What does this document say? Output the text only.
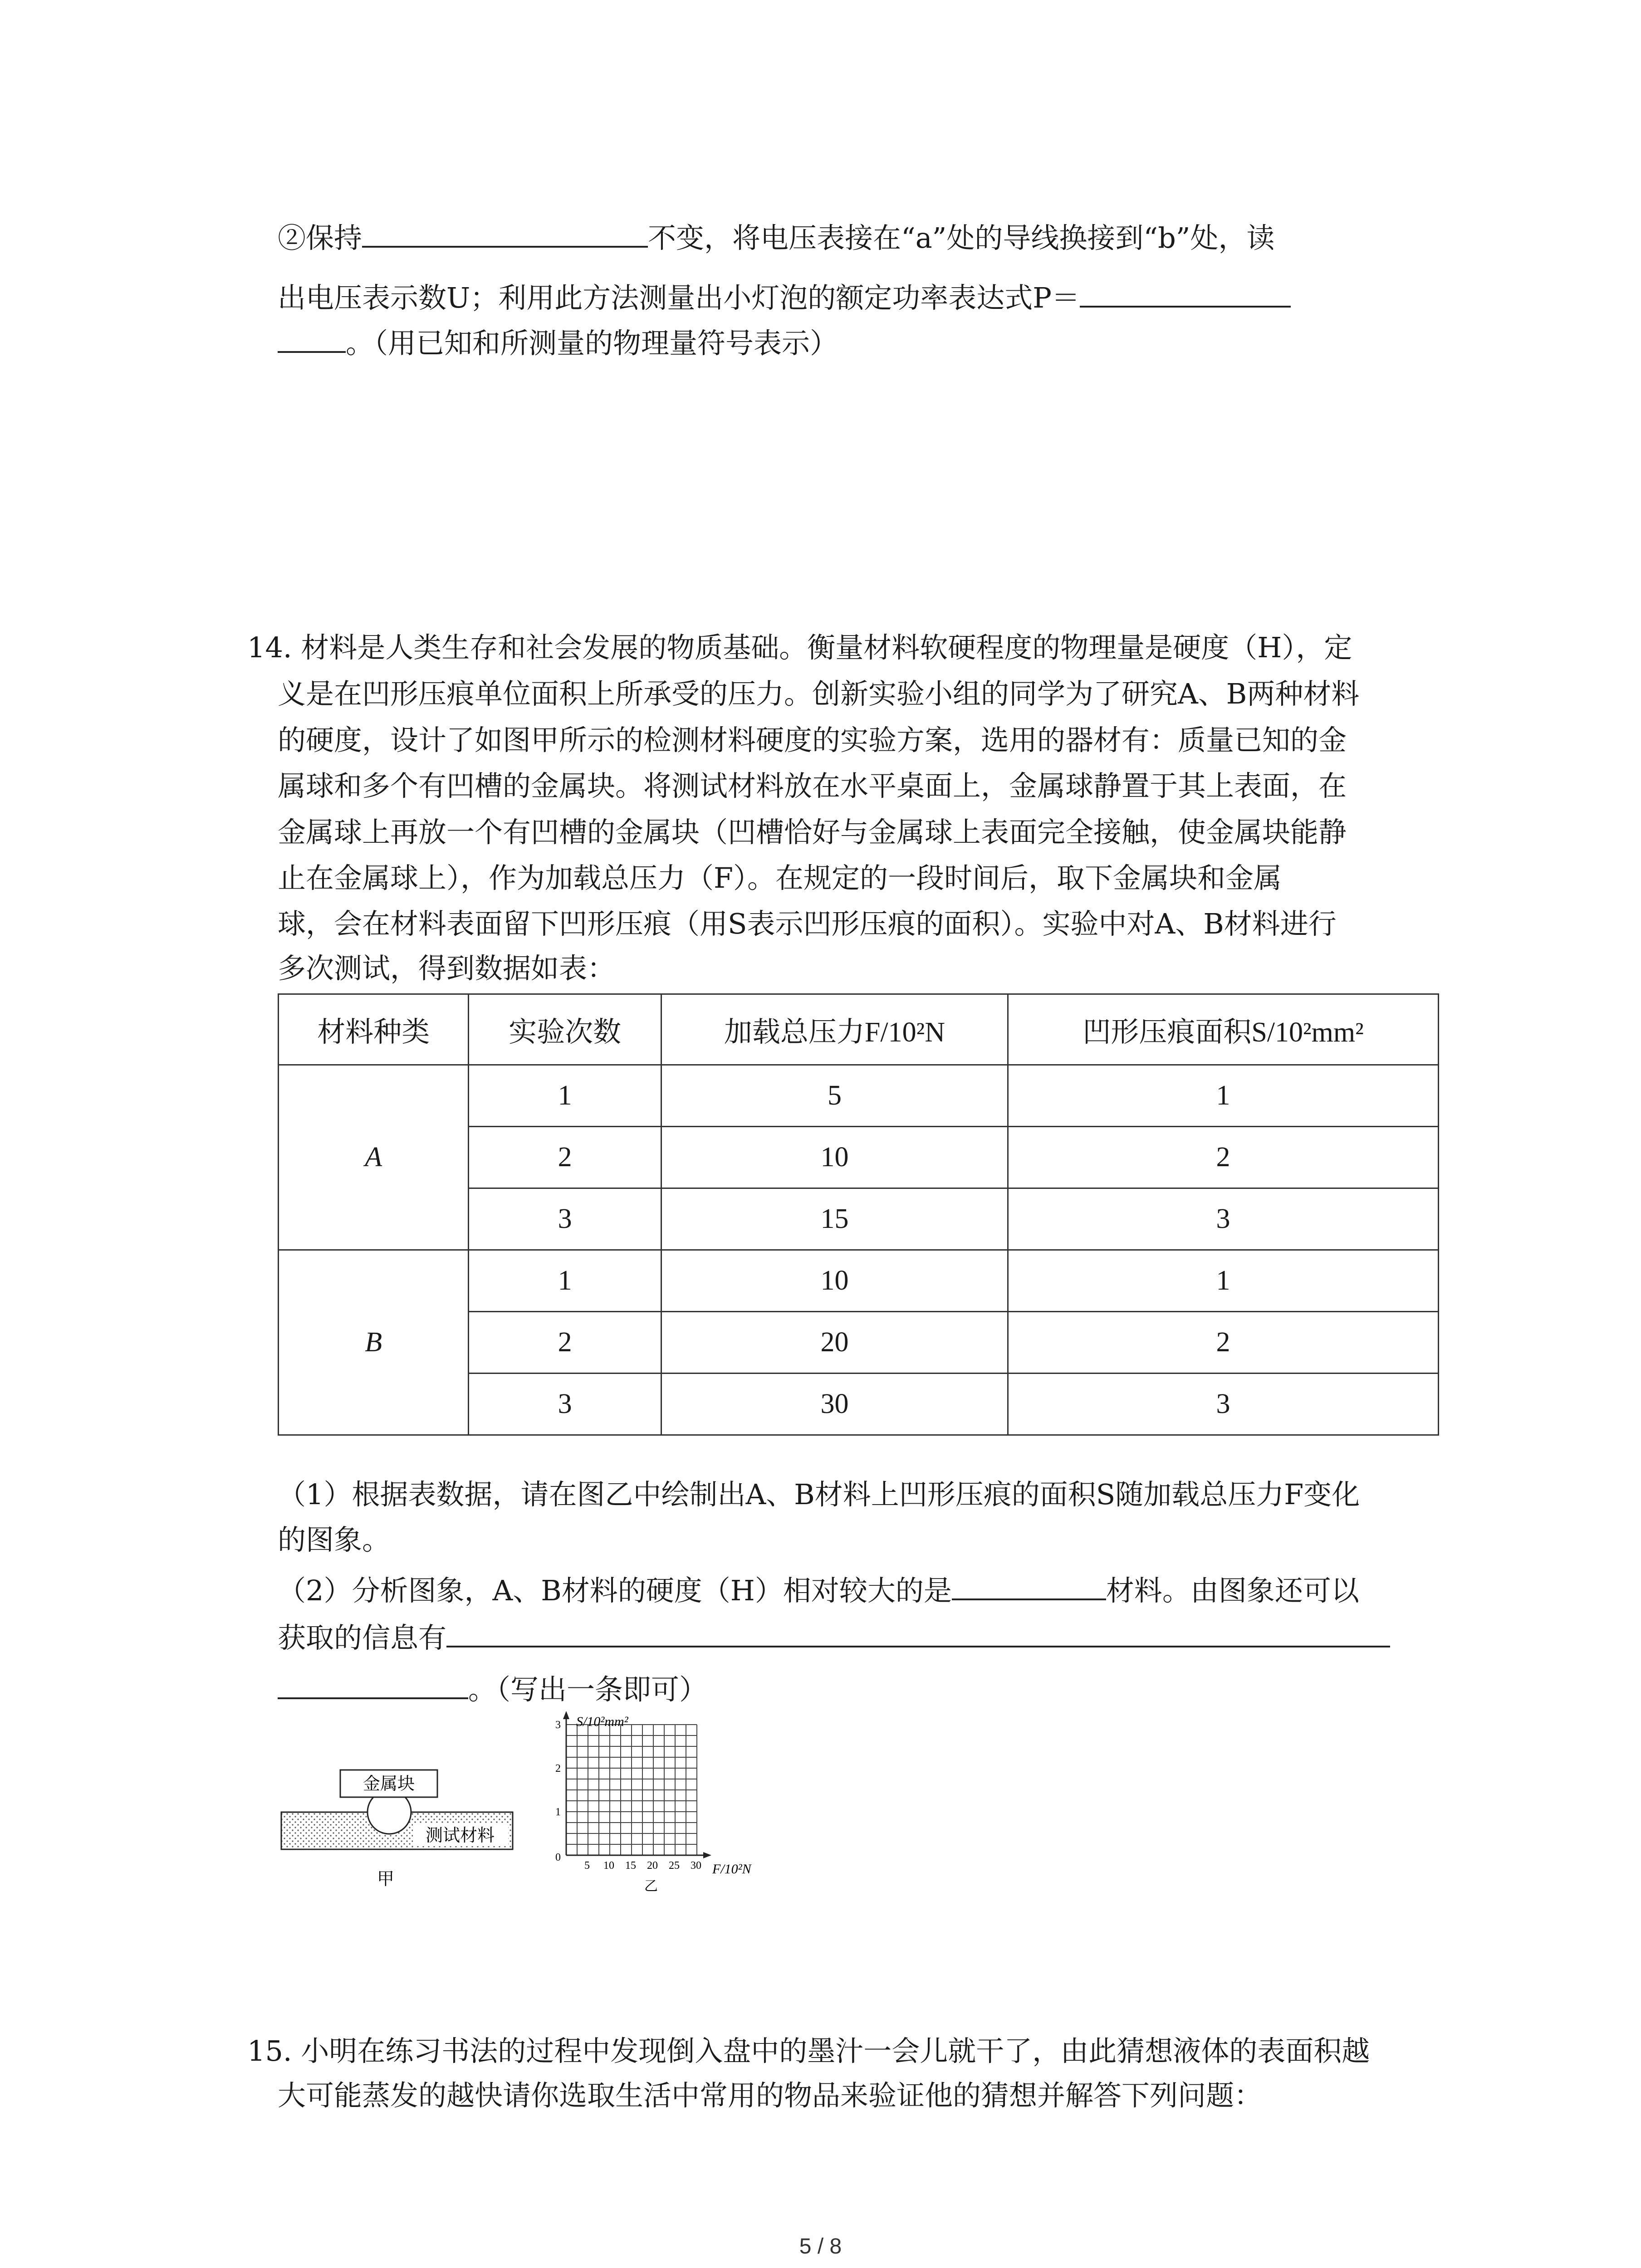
②保持	不变，将电压表接在“a”处的导线换接到“b”处，读
出电压表示数U；利用此方法测量出小灯泡的额定功率表达式P＝
。（用已知和所测量的物理量符号表示）
14. 材料是人类生存和社会发展的物质基础。衡量材料软硬程度的物理量是硬度（H），定
义是在凹形压痕单位面积上所承受的压力。创新实验小组的同学为了研究A、B两种材料
的硬度，设计了如图甲所示的检测材料硬度的实验方案，选用的器材有：质量已知的金
属球和多个有凹槽的金属块。将测试材料放在水平桌面上，金属球静置于其上表面，在
金属球上再放一个有凹槽的金属块（凹槽恰好与金属球上表面完全接触，使金属块能静
止在金属球上），作为加载总压力（F）。在规定的一段时间后，取下金属块和金属
球，会在材料表面留下凹形压痕（用S表示凹形压痕的面积）。实验中对A、B材料进行
多次测试，得到数据如表：
材料种类	实验次数	加载总压力F/10²N	凹形压痕面积S/10²mm²
A	1	5	1
	2	10	2
	3	15	3
B	1	10	1
	2	20	2
	3	30	3
（1）根据表数据，请在图乙中绘制出A、B材料上凹形压痕的面积S随加载总压力F变化
的图象。
（2）分析图象，A、B材料的硬度（H）相对较大的是	材料。由图象还可以
获取的信息有
。（写出一条即可）
金属块
测试材料
甲
S/10²mm²
F/10²N
0
5 10 15 20 25 30
1
2
3
乙
15. 小明在练习书法的过程中发现倒入盘中的墨汁一会儿就干了，由此猜想液体的表面积越
大可能蒸发的越快请你选取生活中常用的物品来验证他的猜想并解答下列问题：
5 / 8
